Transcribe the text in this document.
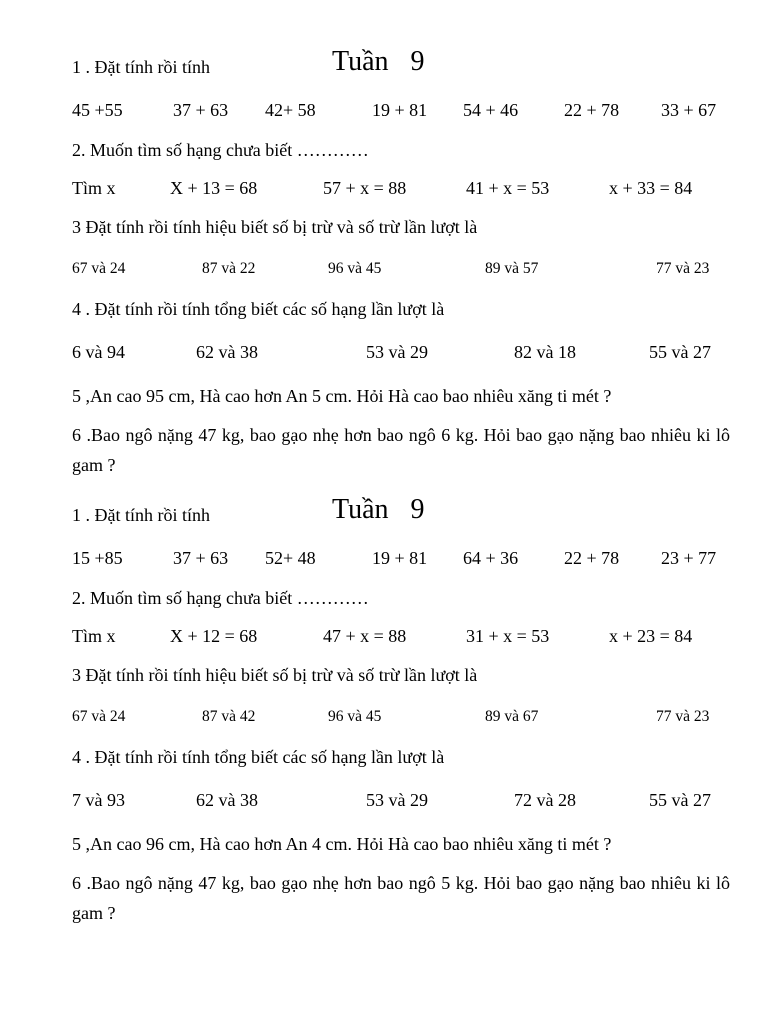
Tuần 9
1 . Đặt tính rồi tính
45 +55	37 + 63 42+ 58	19 + 81 54 + 46	22 + 78 33 + 67
2. Muốn tìm số hạng chưa biết …………
Tìm x	X + 13 = 68	57 + x = 88	41 + x = 53	x + 33 = 84
3 Đặt tính rồi tính hiệu biết số bị trừ và số trừ lần lượt là
67 và 24	87 và 22	96 và 45	89 và 57	77 và 23
4 . Đặt tính rồi tính tổng biết các số hạng lần lượt là
6 và 94	62 và 38	53 và 29	82 và 18	55 và 27
5 ,An cao 95 cm, Hà cao hơn An 5 cm. Hỏi Hà cao bao nhiêu xăng ti mét ?
6 .Bao ngô nặng 47 kg, bao gạo nhẹ hơn bao ngô 6 kg. Hỏi bao gạo nặng bao nhiêu ki lô gam ?
Tuần 9
1 . Đặt tính rồi tính
15 +85	37 + 63 52+ 48	19 + 81 64 + 36	22 + 78 23 + 77
2. Muốn tìm số hạng chưa biết …………
Tìm x	X + 12 = 68	47 + x = 88	31 + x = 53	x + 23 = 84
3 Đặt tính rồi tính hiệu biết số bị trừ và số trừ lần lượt là
67 và 24	87 và 42	96 và 45	89 và 67	77 và 23
4 . Đặt tính rồi tính tổng biết các số hạng lần lượt là
7 và 93	62 và 38	53 và 29	72 và 28	55 và 27
5 ,An cao 96 cm, Hà cao hơn An 4 cm. Hỏi Hà cao bao nhiêu xăng ti mét ?
6 .Bao ngô nặng 47 kg, bao gạo nhẹ hơn bao ngô 5 kg. Hỏi bao gạo nặng bao nhiêu ki lô gam ?
